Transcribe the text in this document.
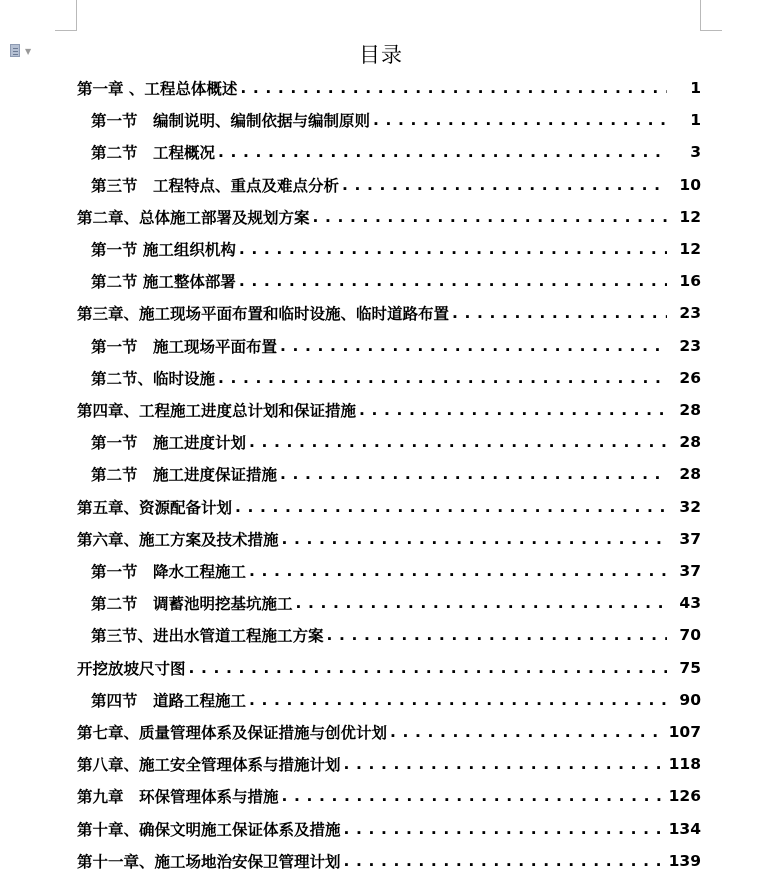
▼	目录
第一章 、工程总体概述 . . .	1
第一节　编制说明、编制依据与编制原则 . . .	1
第二节　工程概况 . . .	3
第三节　工程特点、重点及难点分析 . . .	10
第二章、总体施工部署及规划方案 . . .	12
第一节 施工组织机构 . . .	12
第二节 施工整体部署 . . .	16
第三章、施工现场平面布置和临时设施、临时道路布置 . . .	23
第一节　施工现场平面布置 . . .	23
第二节、临时设施 . . .	26
第四章、工程施工进度总计划和保证措施 . . .	28
第一节　施工进度计划 . . .	28
第二节　施工进度保证措施 . . .	28
第五章、资源配备计划 . . .	32
第六章、施工方案及技术措施 . . .	37
第一节　降水工程施工 . . .	37
第二节　调蓄池明挖基坑施工 . . .	43
第三节、进出水管道工程施工方案 . . .	70
开挖放坡尺寸图 . . .	75
第四节　道路工程施工 . . .	90
第七章、质量管理体系及保证措施与创优计划 . . .	107
第八章、施工安全管理体系与措施计划 . . .	118
第九章　环保管理体系与措施 . . .	126
第十章、确保文明施工保证体系及措施 . . .	134
第十一章、施工场地治安保卫管理计划 . . .	139
